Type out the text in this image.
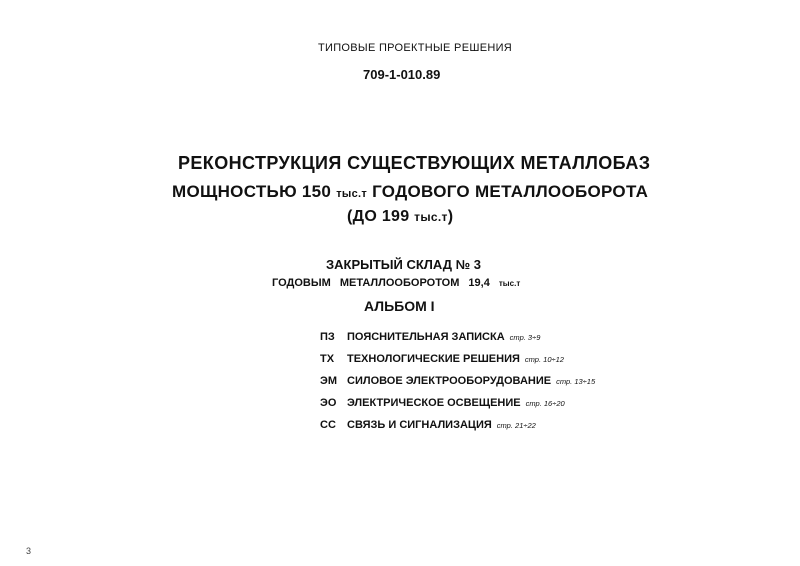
ТИПОВЫЕ ПРОЕКТНЫЕ РЕШЕНИЯ
709-1-010.89
РЕКОНСТРУКЦИЯ СУЩЕСТВУЮЩИХ МЕТАЛЛОБАЗ
МОЩНОСТЬЮ 150 тыс.т ГОДОВОГО МЕТАЛЛООБОРОТА
(ДО 199 тыс.т)
ЗАКРЫТЫЙ СКЛАД № 3
ГОДОВЫМ МЕТАЛЛООБОРОТОМ 19,4 тыс.т
АЛЬБОМ I
ПЗ	ПОЯСНИТЕЛЬНАЯ ЗАПИСКА стр. 3÷9
ТХ	ТЕХНОЛОГИЧЕСКИЕ РЕШЕНИЯ стр. 10÷12
ЭМ СИЛОВОЕ ЭЛЕКТРООБОРУДОВАНИЕ стр. 13÷15
ЭО ЭЛЕКТРИЧЕСКОЕ ОСВЕЩЕНИЕ стр. 16÷20
СС	СВЯЗЬ И СИГНАЛИЗАЦИЯ стр. 21÷22
3
